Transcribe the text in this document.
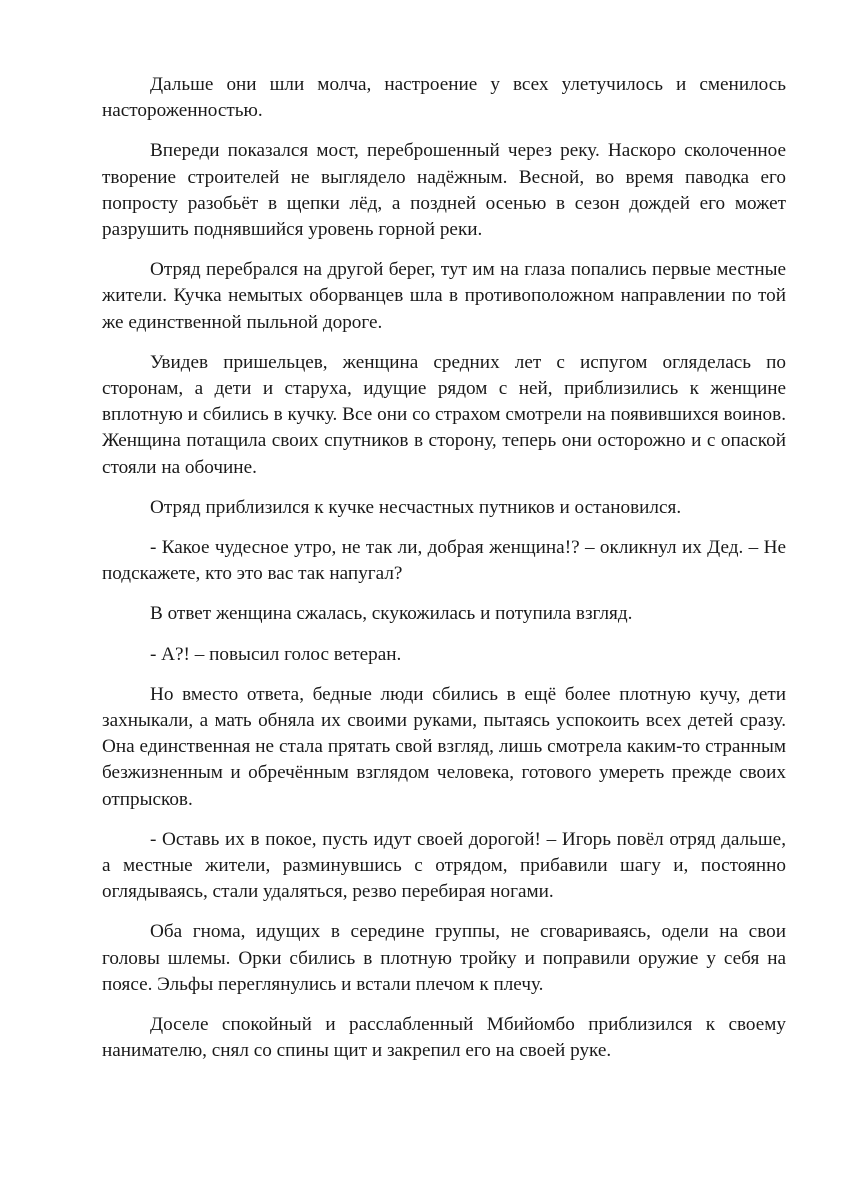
Дальше они шли молча, настроение у всех улетучилось и сменилось настороженностью.

Впереди показался мост, переброшенный через реку. Наскоро сколоченное творение строителей не выглядело надёжным. Весной, во время паводка его попросту разобьёт в щепки лёд, а поздней осенью в сезон дождей его может разрушить поднявшийся уровень горной реки.

Отряд перебрался на другой берег, тут им на глаза попались первые местные жители. Кучка немытых оборванцев шла в противоположном направлении по той же единственной пыльной дороге.

Увидев пришельцев, женщина средних лет с испугом огляделась по сторонам, а дети и старуха, идущие рядом с ней, приблизились к женщине вплотную и сбились в кучку. Все они со страхом смотрели на появившихся воинов. Женщина потащила своих спутников в сторону, теперь они осторожно и с опаской стояли на обочине.

Отряд приблизился к кучке несчастных путников и остановился.

- Какое чудесное утро, не так ли, добрая женщина!? – окликнул их Дед. – Не подскажете, кто это вас так напугал?

В ответ женщина сжалась, скукожилась и потупила взгляд.

- А?! – повысил голос ветеран.

Но вместо ответа, бедные люди сбились в ещё более плотную кучу, дети захныкали, а мать обняла их своими руками, пытаясь успокоить всех детей сразу. Она единственная не стала прятать свой взгляд, лишь смотрела каким-то странным безжизненным и обречённым взглядом человека, готового умереть прежде своих отпрысков.

- Оставь их в покое, пусть идут своей дорогой! – Игорь повёл отряд дальше, а местные жители, разминувшись с отрядом, прибавили шагу и, постоянно оглядываясь, стали удаляться, резво перебирая ногами.

Оба гнома, идущих в середине группы, не сговариваясь, одели на свои головы шлемы. Орки сбились в плотную тройку и поправили оружие у себя на поясе. Эльфы переглянулись и встали плечом к плечу.

Доселе спокойный и расслабленный Мбийомбо приблизился к своему нанимателю, снял со спины щит и закрепил его на своей руке.
